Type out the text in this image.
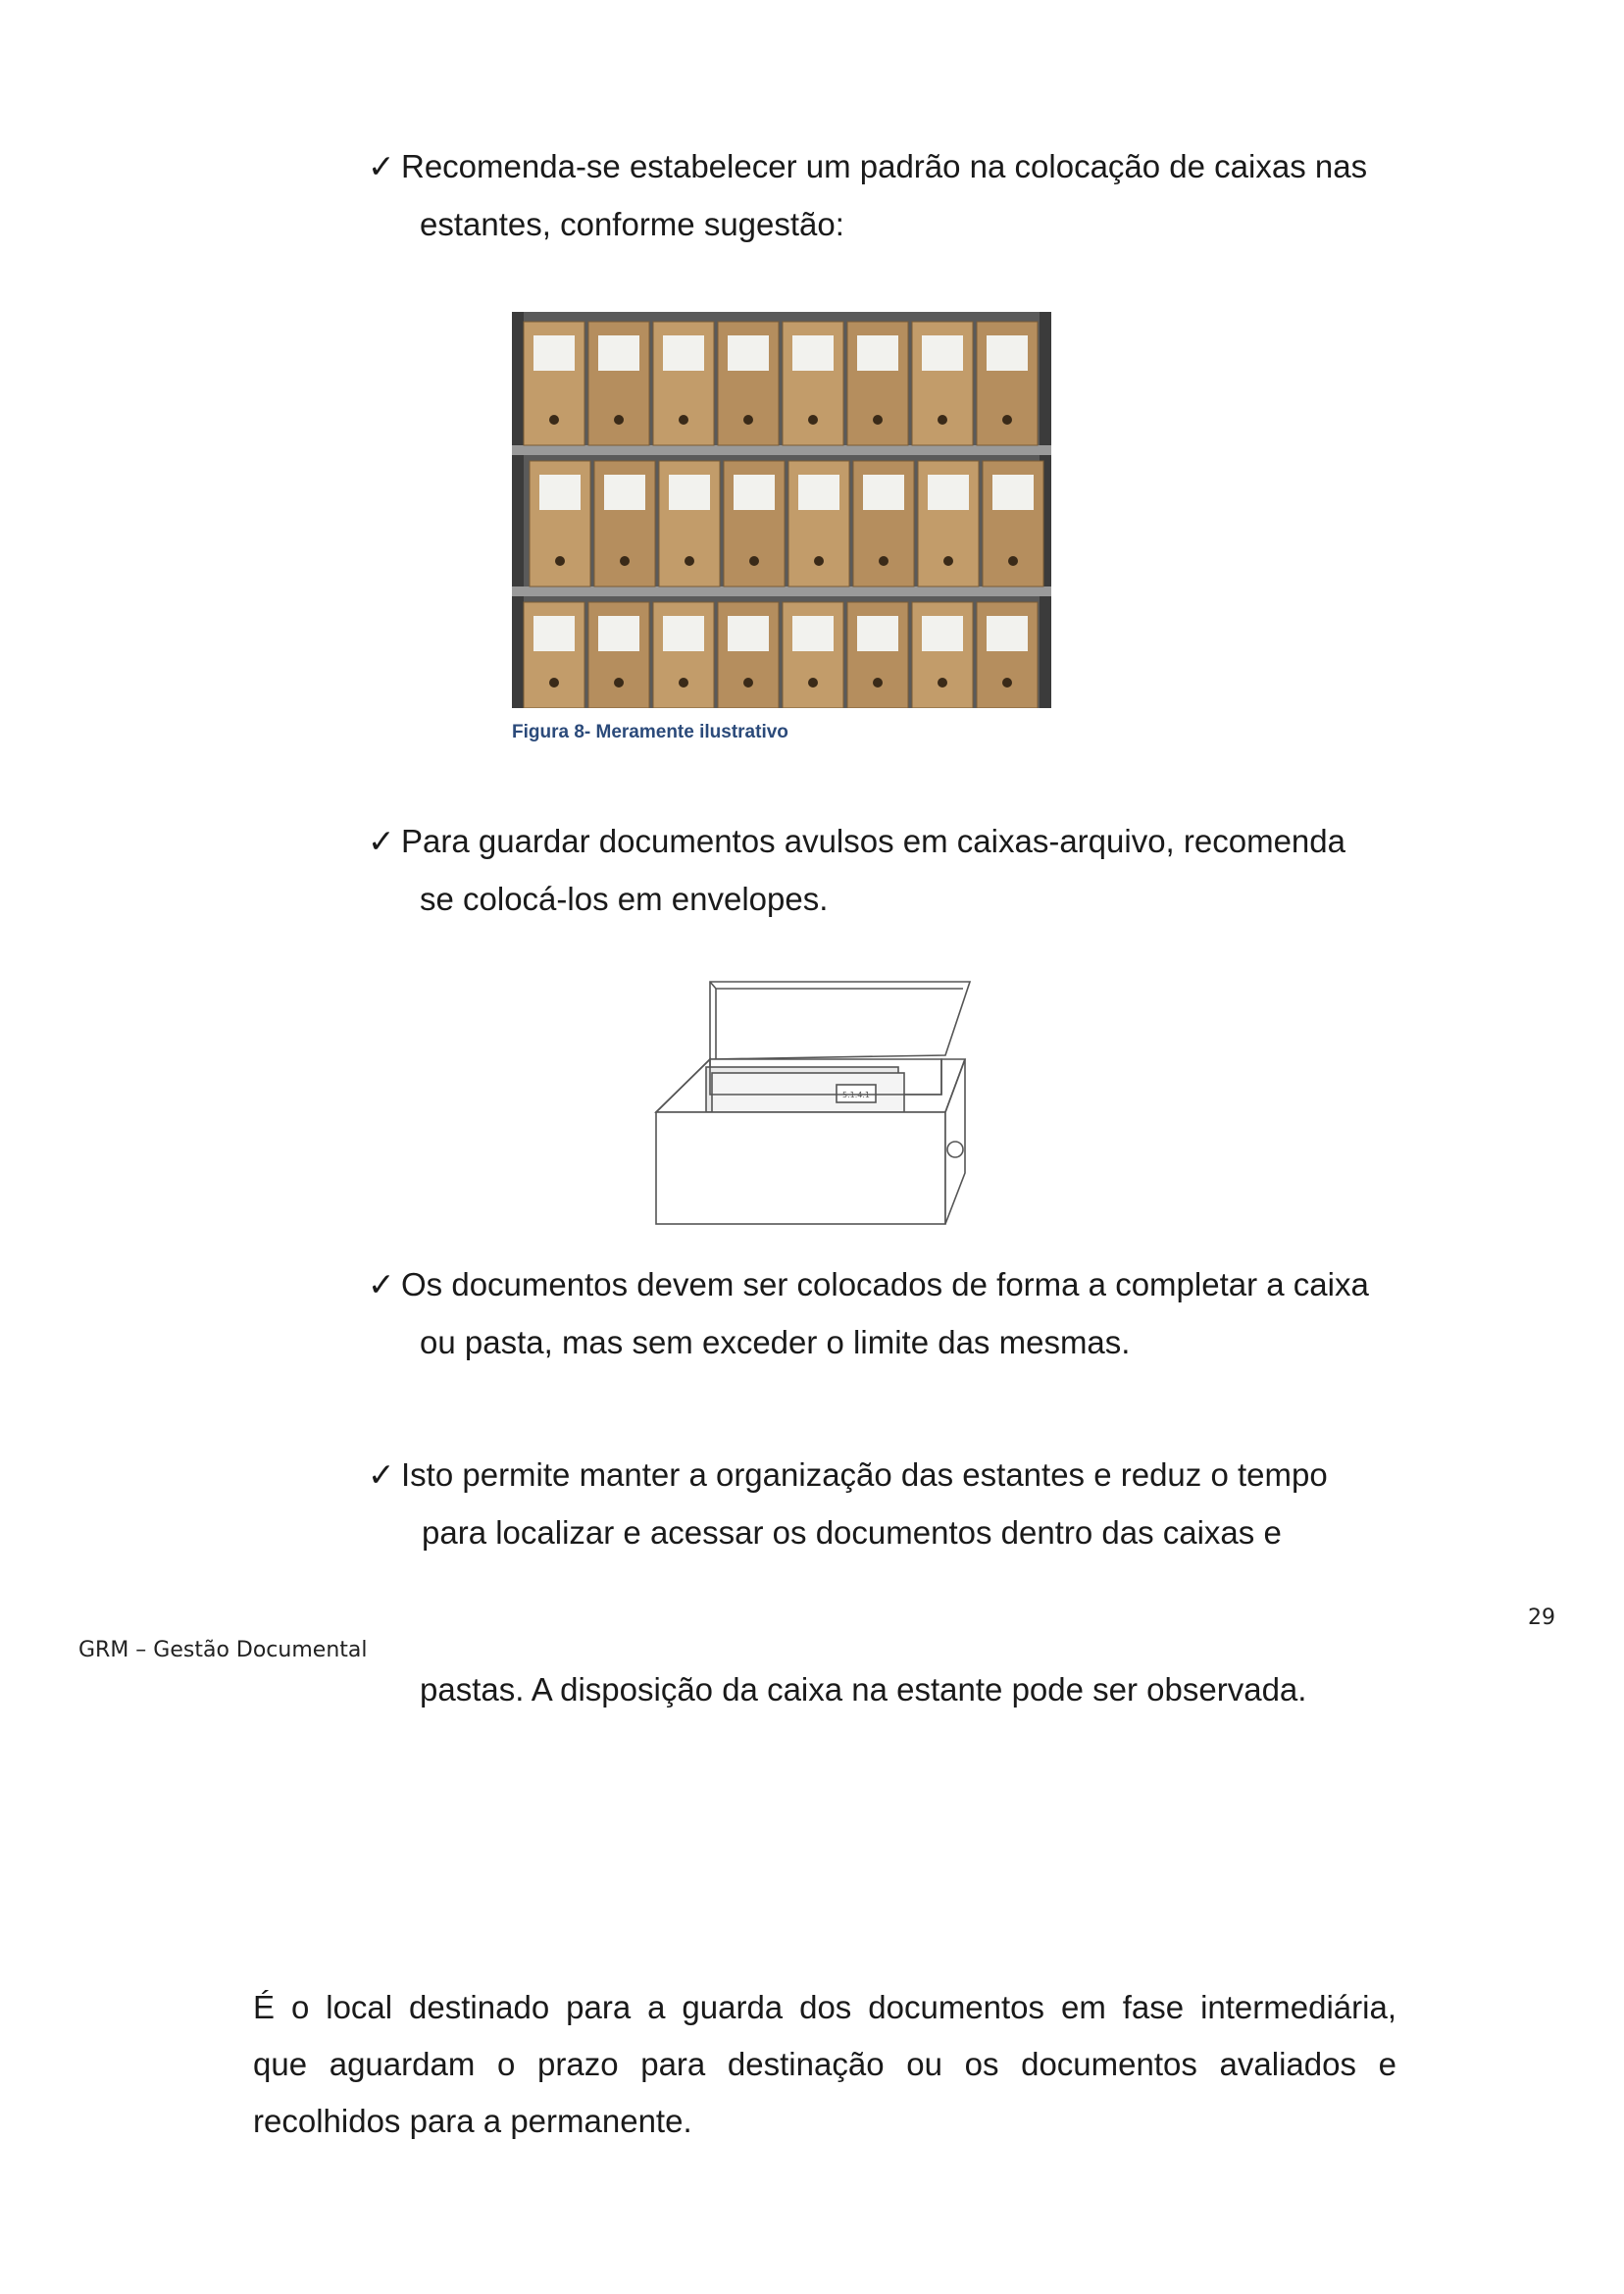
✓ Recomenda-se estabelecer um padrão na colocação de caixas nas
estantes, conforme sugestão:
Figura 8- Meramente ilustrativo
✓ Para guardar documentos avulsos em caixas-arquivo, recomenda
se colocá-los em envelopes.
5.1.4.1
✓ Os documentos devem ser colocados de forma a completar a caixa
ou pasta, mas sem exceder o limite das mesmas.
✓ Isto permite manter a organização das estantes e reduz o tempo
para localizar e acessar os documentos dentro das caixas e
29
GRM – Gestão Documental
pastas. A disposição da caixa na estante pode ser observada.
É o local destinado para a guarda dos documentos em fase intermediária,
que aguardam o prazo para destinação ou os documentos avaliados e
recolhidos para a permanente.
